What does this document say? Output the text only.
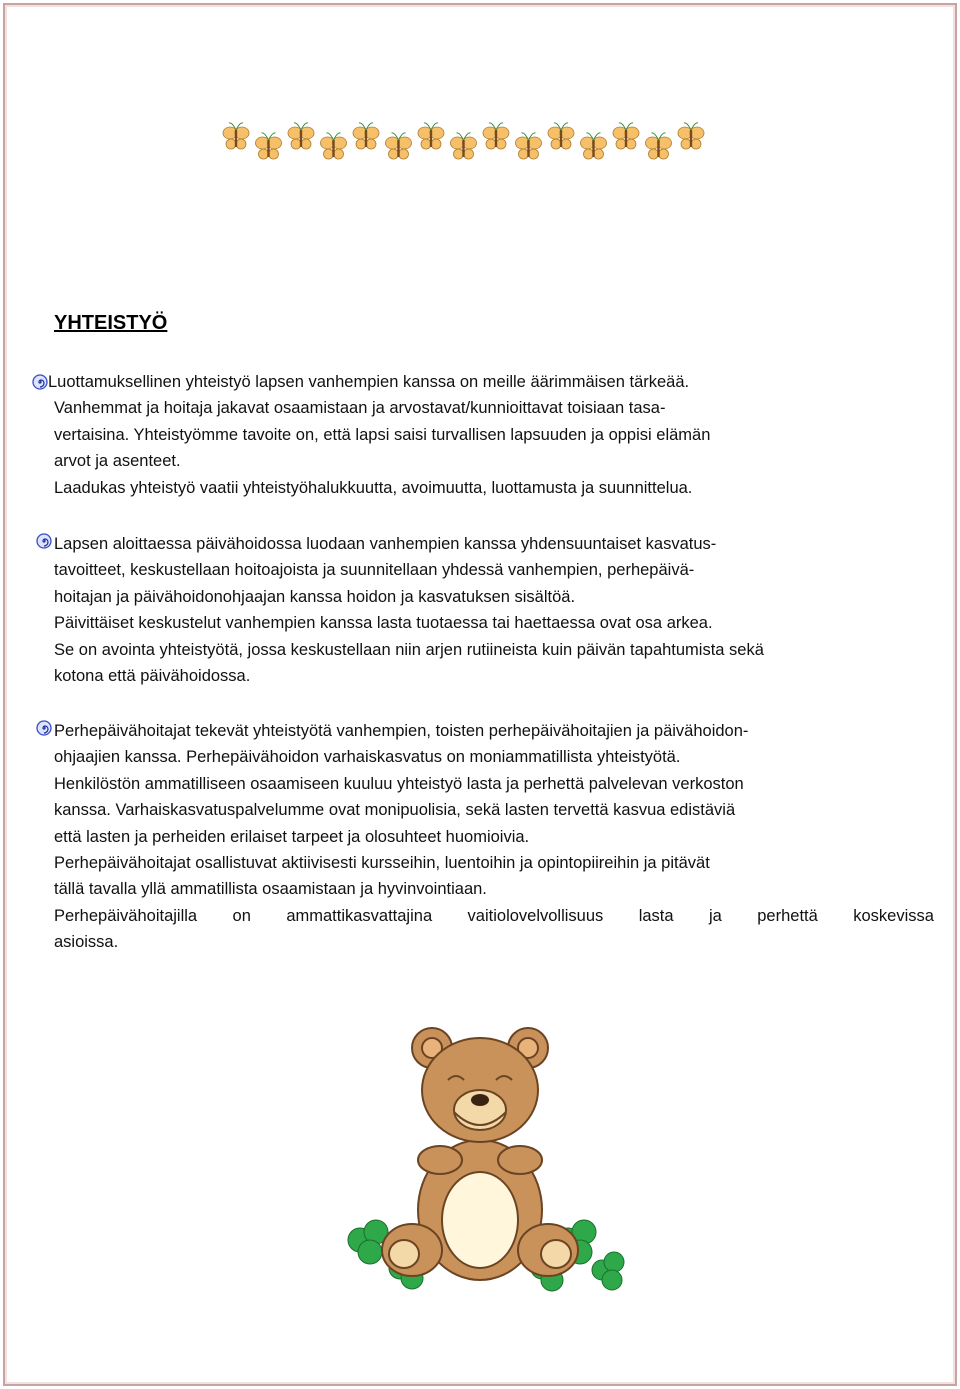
YHTEISTYÖ
Luottamuksellinen yhteistyö lapsen vanhempien kanssa on meille äärimmäisen tärkeää.
Vanhemmat ja hoitaja jakavat osaamistaan ja arvostavat/kunnioittavat toisiaan tasa-
vertaisina. Yhteistyömme tavoite on, että lapsi saisi turvallisen lapsuuden ja oppisi elämän
arvot ja asenteet.
Laadukas yhteistyö vaatii yhteistyöhalukkuutta, avoimuutta, luottamusta ja suunnittelua.
Lapsen aloittaessa päivähoidossa luodaan vanhempien kanssa yhdensuuntaiset kasvatus-
tavoitteet, keskustellaan hoitoajoista ja suunnitellaan yhdessä vanhempien, perhepäivä-
hoitajan ja päivähoidonohjaajan kanssa hoidon ja kasvatuksen sisältöä.
Päivittäiset keskustelut vanhempien kanssa lasta tuotaessa tai haettaessa ovat osa arkea.
Se on avointa yhteistyötä, jossa keskustellaan niin arjen rutiineista kuin päivän tapahtumista sekä
kotona että päivähoidossa.
Perhepäivähoitajat tekevät yhteistyötä vanhempien, toisten perhepäivähoitajien ja päivähoidon-
ohjaajien kanssa. Perhepäivähoidon varhaiskasvatus on moniammatillista yhteistyötä.
Henkilöstön ammatilliseen osaamiseen kuuluu yhteistyö lasta ja perhettä palvelevan verkoston
kanssa. Varhaiskasvatuspalvelumme ovat monipuolisia, sekä lasten tervettä kasvua edistäviä
että lasten ja perheiden erilaiset tarpeet ja olosuhteet huomioivia.
Perhepäivähoitajat osallistuvat aktiivisesti kursseihin, luentoihin ja opintopiireihin ja pitävät
tällä tavalla yllä ammatillista osaamistaan ja hyvinvointiaan.
Perhepäivähoitajilla on ammattikasvattajina vaitiolovelvollisuus lasta ja perhettä koskevissa
asioissa.
